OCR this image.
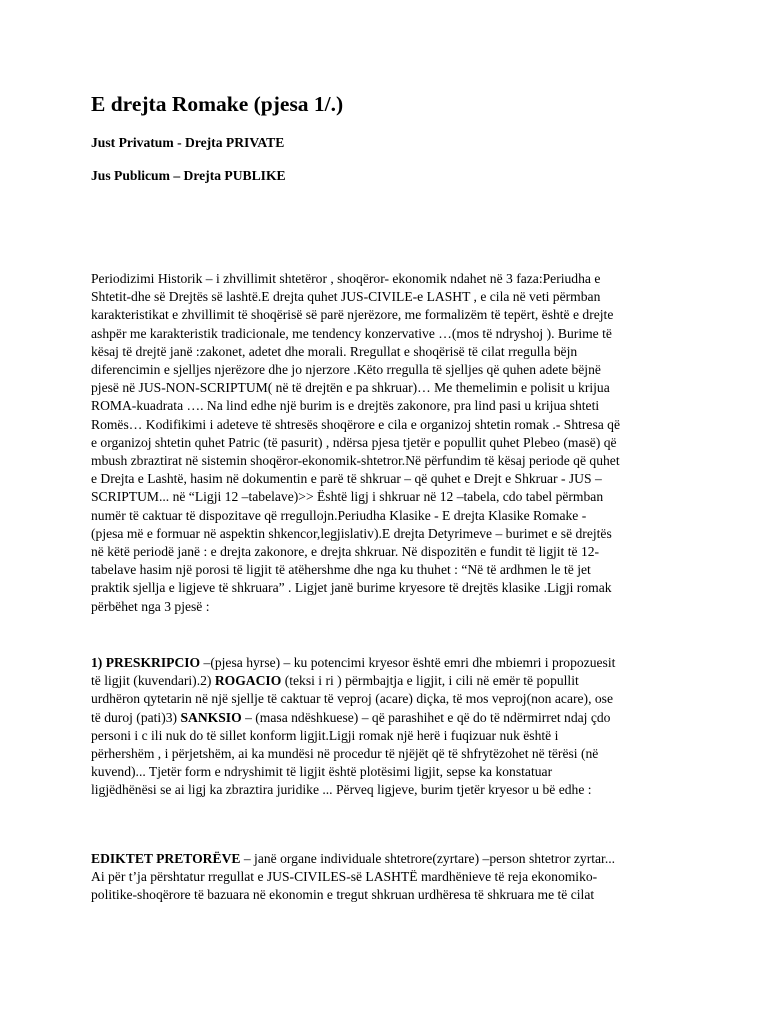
E drejta Romake (pjesa 1/.)

Just Privatum - Drejta PRIVATE

Jus Publicum – Drejta PUBLIKE

Periodizimi Historik – i zhvillimit shtetëror , shoqëror- ekonomik ndahet në 3 faza:Periudha e
Shtetit-dhe së Drejtës së lashtë.E drejta quhet JUS-CIVILE-e LASHT , e cila në veti përmban
karakteristikat e zhvillimit të shoqërisë së parë njerëzore, me formalizëm të tepërt, është e drejte
ashpër me karakteristik tradicionale, me tendency konzervative …(mos të ndryshoj ). Burime të
kësaj të drejtë janë :zakonet, adetet dhe morali. Rregullat e shoqërisë të cilat rregulla bëjn
diferencimin e sjelljes njerëzore dhe jo njerzore .Këto rregulla të sjelljes që quhen adete bëjnë
pjesë në JUS-NON-SCRIPTUM( në të drejtën e pa shkruar)… Me themelimin e polisit u krijua
ROMA-kuadrata …. Na lind edhe një burim is e drejtës zakonore, pra lind pasi u krijua shteti
Romës… Kodifikimi i adeteve të shtresës shoqërore e cila e organizoj shtetin romak .- Shtresa që
e organizoj shtetin quhet Patric (të pasurit) , ndërsa pjesa tjetër e popullit quhet Plebeo (masë) që
mbush zbraztirat në sistemin shoqëror-ekonomik-shtetror.Në përfundim të kësaj periode që quhet
e Drejta e Lashtë, hasim në dokumentin e parë të shkruar – që quhet e Drejt e Shkruar - JUS –
SCRIPTUM... në “Ligji 12 –tabelave)>> Është ligj i shkruar në 12 –tabela, cdo tabel përmban
numër të caktuar të dispozitave që rregullojn.Periudha Klasike - E drejta Klasike Romake -
(pjesa më e formuar në aspektin shkencor,legjislativ).E drejta Detyrimeve – burimet e së drejtës
në këtë periodë janë : e drejta zakonore, e drejta shkruar. Në dispozitën e fundit të ligjit të 12-
tabelave hasim një porosi të ligjit të atëhershme dhe nga ku thuhet : “Në të ardhmen le të jet
praktik sjellja e ligjeve të shkruara” . Ligjet janë burime kryesore të drejtës klasike .Ligji romak
përbëhet nga 3 pjesë :

1) PRESKRIPCIO –(pjesa hyrse) – ku potencimi kryesor është emri dhe mbiemri i propozuesit
të ligjit (kuvendari).2) ROGACIO (teksi i ri ) përmbajtja e ligjit, i cili në emër të popullit
urdhëron qytetarin në një sjellje të caktuar të veproj (acare) diçka, të mos veproj(non acare), ose
të duroj (pati)3) SANKSIO – (masa ndëshkuese) – që parashihet e që do të ndërmirret ndaj çdo
personi i c ili nuk do të sillet konform ligjit.Ligji romak një herë i fuqizuar nuk është i
përhershëm , i përjetshëm, ai ka mundësi në procedur të njëjët që të shfrytëzohet në tërësi (në
kuvend)... Tjetër form e ndryshimit të ligjit është plotësimi ligjit, sepse ka konstatuar
ligjëdhënësi se ai ligj ka zbraztira juridike ... Përveq ligjeve, burim tjetër kryesor u bë edhe :

EDIKTET PRETORËVE – janë organe individuale shtetrore(zyrtare) –person shtetror zyrtar...
Ai për t’ja përshtatur rregullat e JUS-CIVILES-së LASHTË mardhënieve të reja ekonomiko-
politike-shoqërore të bazuara në ekonomin e tregut shkruan urdhëresa të shkruara me të cilat
